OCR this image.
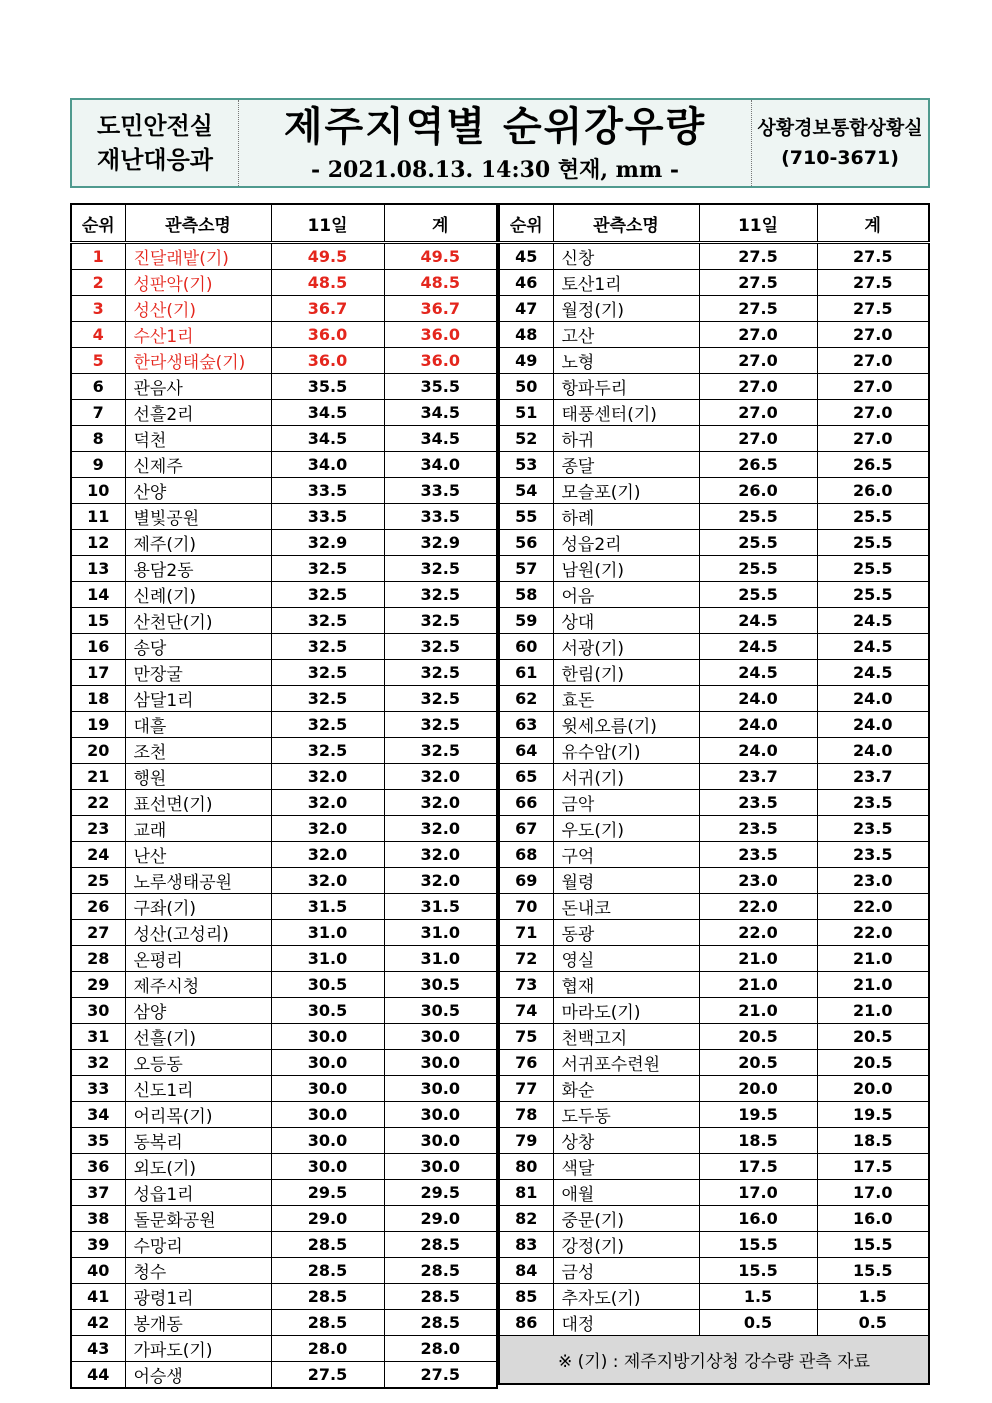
도민안전실
재난대응과
제주지역별 순위강우량
- 2021.08.13. 14:30 현재, mm -
상황경보통합상황실
(710-3671)
순위	관측소명	11일	계
1	진달래밭(기)	49.5	49.5
2	성판악(기)	48.5	48.5
3	성산(기)	36.7	36.7
4	수산1리	36.0	36.0
5	한라생태숲(기)	36.0	36.0
6	관음사	35.5	35.5
7	선흘2리	34.5	34.5
8	덕천	34.5	34.5
9	신제주	34.0	34.0
10	산양	33.5	33.5
11	별빛공원	33.5	33.5
12	제주(기)	32.9	32.9
13	용담2동	32.5	32.5
14	신례(기)	32.5	32.5
15	산천단(기)	32.5	32.5
16	송당	32.5	32.5
17	만장굴	32.5	32.5
18	삼달1리	32.5	32.5
19	대흘	32.5	32.5
20	조천	32.5	32.5
21	행원	32.0	32.0
22	표선면(기)	32.0	32.0
23	교래	32.0	32.0
24	난산	32.0	32.0
25	노루생태공원	32.0	32.0
26	구좌(기)	31.5	31.5
27	성산(고성리)	31.0	31.0
28	온평리	31.0	31.0
29	제주시청	30.5	30.5
30	삼양	30.5	30.5
31	선흘(기)	30.0	30.0
32	오등동	30.0	30.0
33	신도1리	30.0	30.0
34	어리목(기)	30.0	30.0
35	동복리	30.0	30.0
36	외도(기)	30.0	30.0
37	성읍1리	29.5	29.5
38	돌문화공원	29.0	29.0
39	수망리	28.5	28.5
40	청수	28.5	28.5
41	광령1리	28.5	28.5
42	봉개동	28.5	28.5
43	가파도(기)	28.0	28.0
44	어승생	27.5	27.5
순위	관측소명	11일	계
45	신창	27.5	27.5
46	토산1리	27.5	27.5
47	월정(기)	27.5	27.5
48	고산	27.0	27.0
49	노형	27.0	27.0
50	항파두리	27.0	27.0
51	태풍센터(기)	27.0	27.0
52	하귀	27.0	27.0
53	종달	26.5	26.5
54	모슬포(기)	26.0	26.0
55	하례	25.5	25.5
56	성읍2리	25.5	25.5
57	남원(기)	25.5	25.5
58	어음	25.5	25.5
59	상대	24.5	24.5
60	서광(기)	24.5	24.5
61	한림(기)	24.5	24.5
62	효돈	24.0	24.0
63	윗세오름(기)	24.0	24.0
64	유수암(기)	24.0	24.0
65	서귀(기)	23.7	23.7
66	금악	23.5	23.5
67	우도(기)	23.5	23.5
68	구억	23.5	23.5
69	월령	23.0	23.0
70	돈내코	22.0	22.0
71	동광	22.0	22.0
72	영실	21.0	21.0
73	협재	21.0	21.0
74	마라도(기)	21.0	21.0
75	천백고지	20.5	20.5
76	서귀포수련원	20.5	20.5
77	화순	20.0	20.0
78	도두동	19.5	19.5
79	상창	18.5	18.5
80	색달	17.5	17.5
81	애월	17.0	17.0
82	중문(기)	16.0	16.0
83	강정(기)	15.5	15.5
84	금성	15.5	15.5
85	추자도(기)	1.5	1.5
86	대정	0.5	0.5
※ (기) : 제주지방기상청 강수량 관측 자료			
